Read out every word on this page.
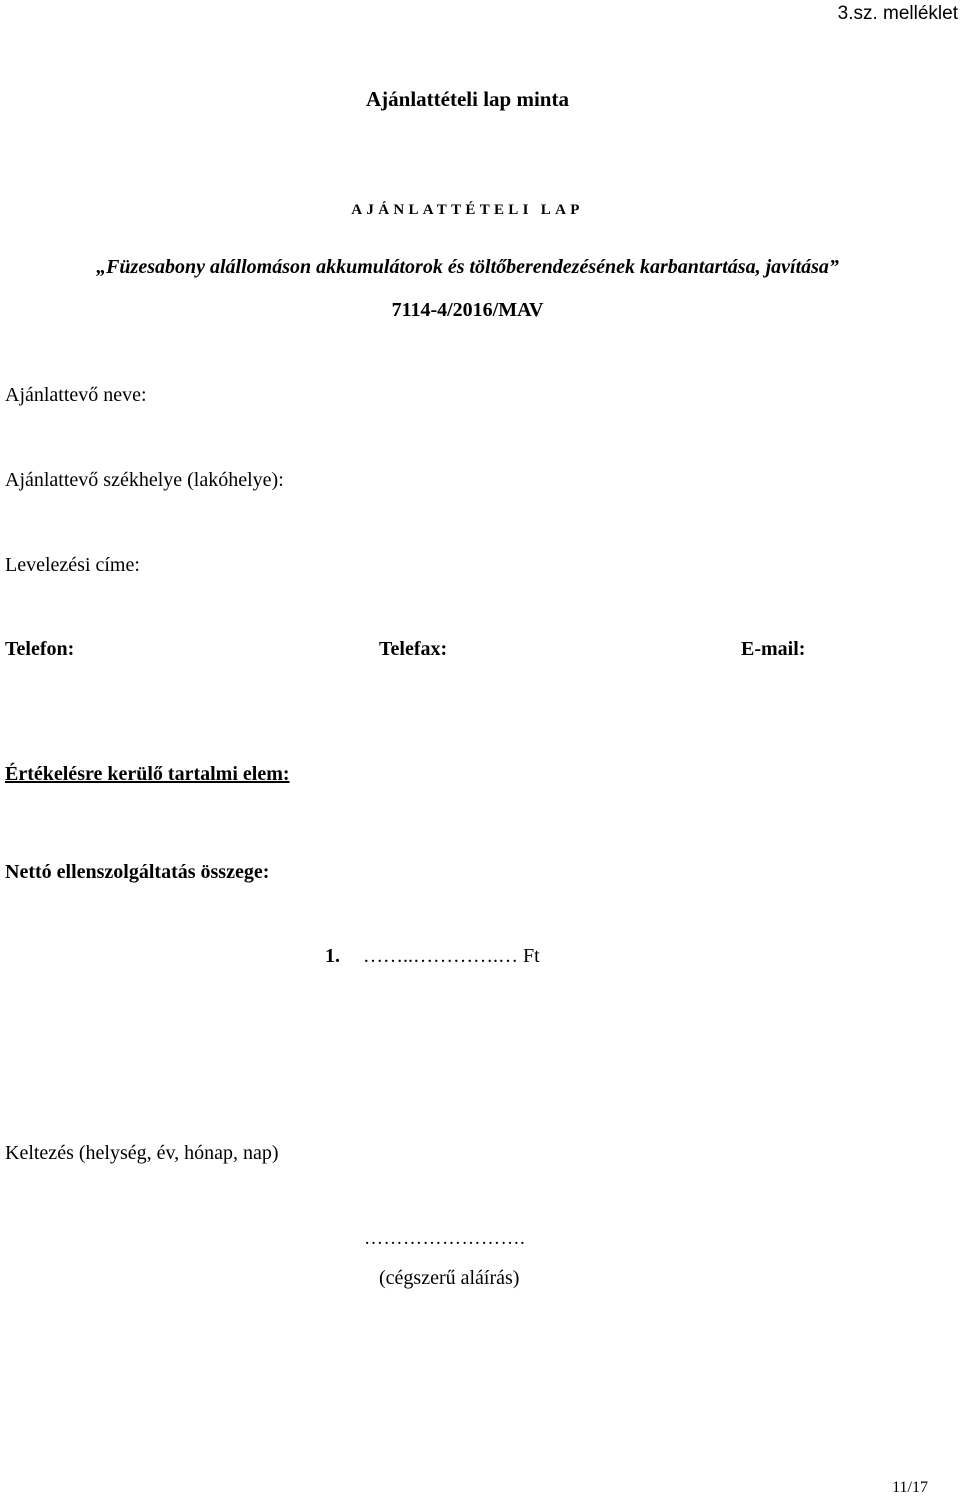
3.sz. melléklet
Ajánlattételi lap minta
AJÁNLATTÉTELI LAP
„Füzesabony alállomáson akkumulátorok és töltőberendezésének karbantartása, javítása”
7114-4/2016/MAV
Ajánlattevő neve:
Ajánlattevő székhelye (lakóhelye):
Levelezési címe:
Telefon:	Telefax:	E-mail:
Értékelésre kerülő tartalmi elem:
Nettó ellenszolgáltatás összege:
1. ……..………….… Ft
Keltezés (helység, év, hónap, nap)
…………………….
(cégszerű aláírás)
11/17
